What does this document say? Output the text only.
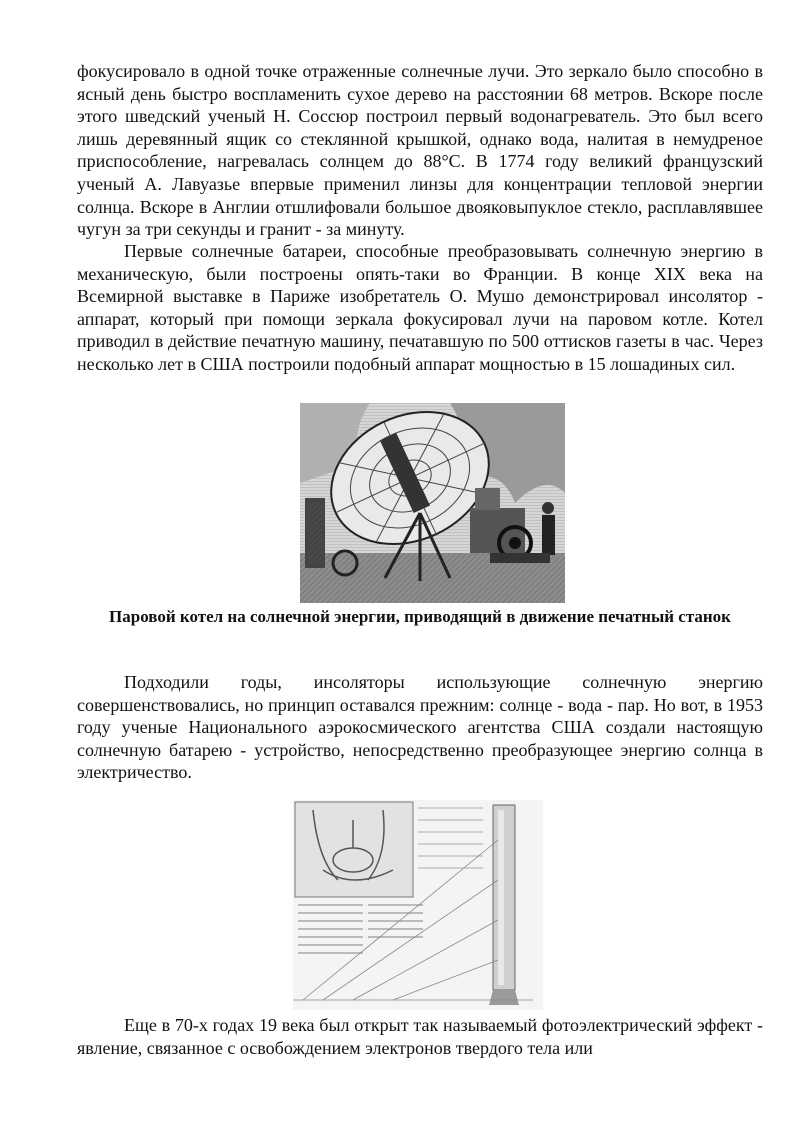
фокусировало в одной точке отраженные солнечные лучи. Это зеркало было способно в ясный день быстро воспламенить сухое дерево на расстоянии 68 метров. Вскоре после этого шведский ученый Н. Соссюр построил первый водонагреватель. Это был всего лишь деревянный ящик со стеклянной крышкой, однако вода, налитая в немудреное приспособление, нагревалась солнцем до 88°C. В 1774 году великий французский ученый А. Лавуазье впервые применил линзы для концентрации тепловой энергии солнца. Вскоре в Англии отшлифовали большое двояковыпуклое стекло, расплавлявшее чугун за три секунды и гранит - за минуту.

Первые солнечные батареи, способные преобразовывать солнечную энергию в механическую, были построены опять-таки во Франции. В конце XIX века на Всемирной выставке в Париже изобретатель О. Мушо демонстрировал инсолятор - аппарат, который при помощи зеркала фокусировал лучи на паровом котле. Котел приводил в действие печатную машину, печатавшую по 500 оттисков газеты в час. Через несколько лет в США построили подобный аппарат мощностью в 15 лошадиных сил.

Паровой котел на солнечной энергии, приводящий в движение печатный станок

Подходили годы, инсоляторы использующие солнечную энергию совершенствовались, но принцип оставался прежним: солнце - вода - пар. Но вот, в 1953 году ученые Национального аэрокосмического агентства США создали настоящую солнечную батарею - устройство, непосредственно преобразующее энергию солнца в электричество.

Еще в 70-х годах 19 века был открыт так называемый фотоэлектрический эффект - явление, связанное с освобождением электронов твердого тела или
